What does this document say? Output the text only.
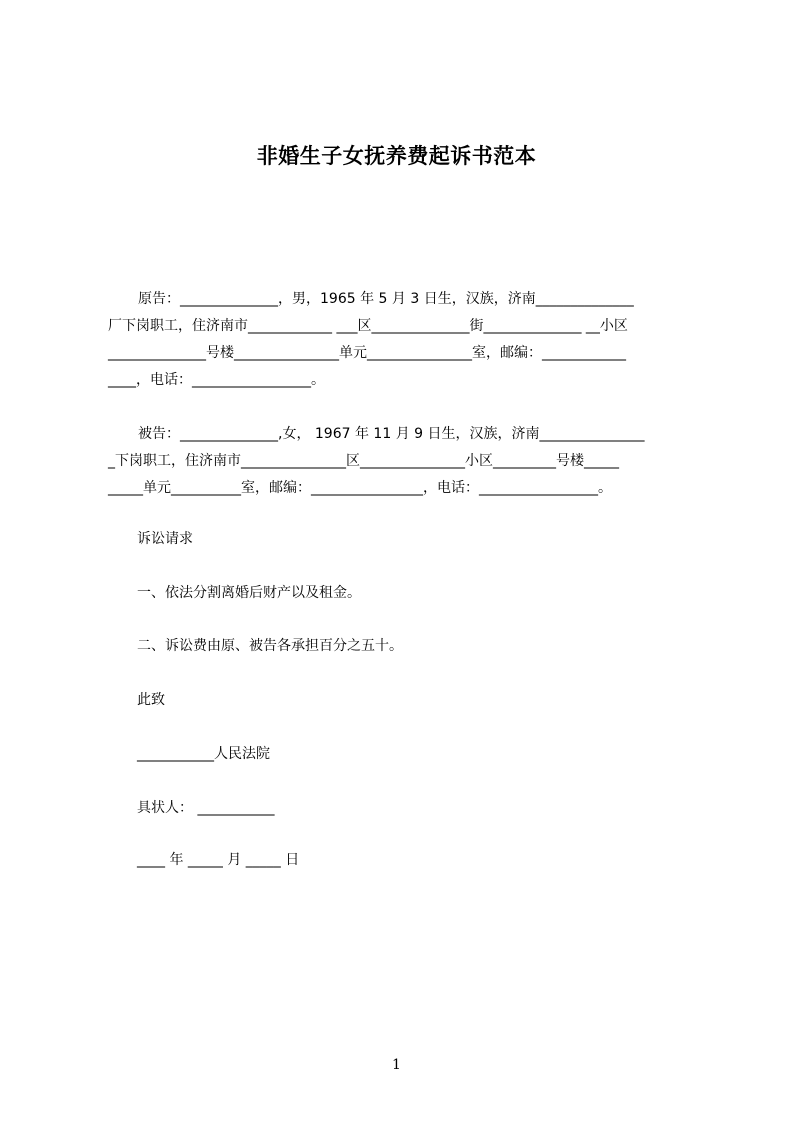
非婚生子女抚养费起诉书范本
原告：______________，男，1965 年 5 月 3 日生，汉族，济南______________
厂下岗职工，住济南市____________ ___区______________街______________ __小区
______________号楼_______________单元_______________室，邮编：____________
____，电话：_________________。
被告：______________,女， 1967 年 11 月 9 日生，汉族，济南_______________
_下岗职工，住济南市_______________区_______________小区_________号楼_____
_____单元__________室，邮编：________________，电话：_________________。
诉讼请求
一、依法分割离婚后财产以及租金。
二、诉讼费由原、被告各承担百分之五十。
此致
___________人民法院
具状人： ___________
____ 年 _____ 月 _____ 日
1
